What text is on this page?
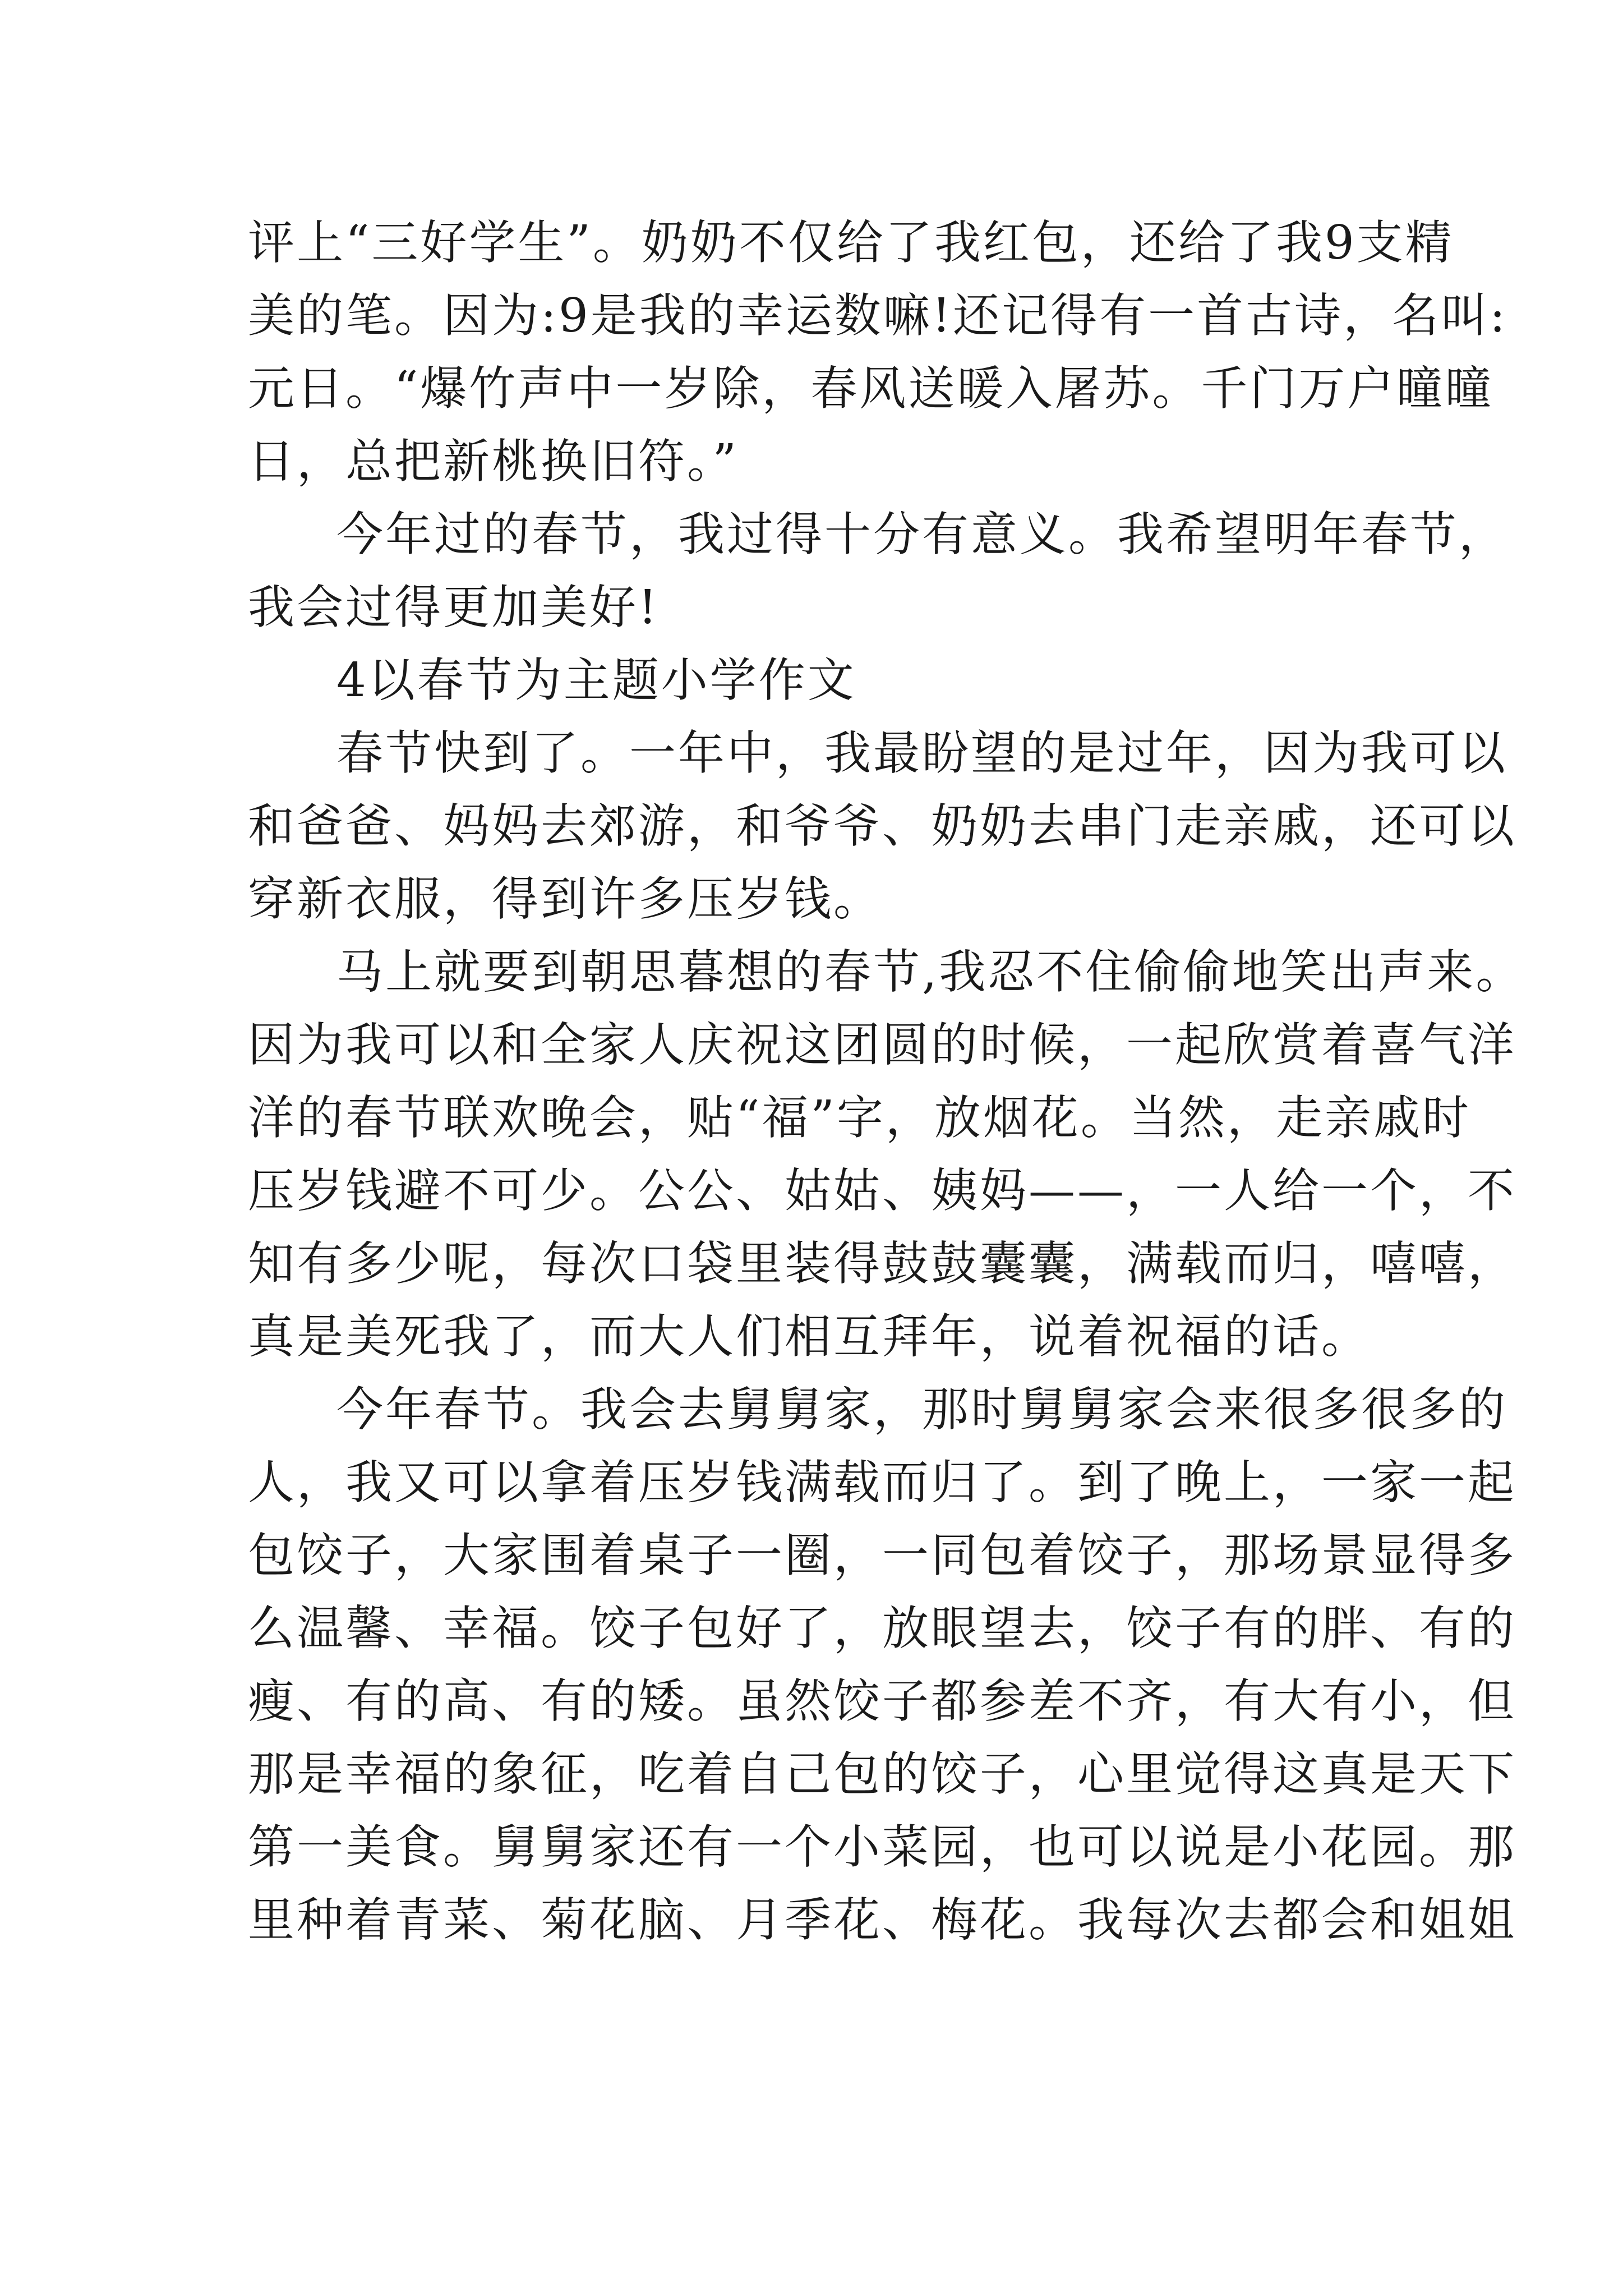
评上“三好学生”。奶奶不仅给了我红包，还给了我9支精
美的笔。因为:9是我的幸运数嘛!还记得有一首古诗，名叫:
元日。“爆竹声中一岁除，春风送暖入屠苏。千门万户曈曈
日，总把新桃换旧符。”
今年过的春节，我过得十分有意义。我希望明年春节，
我会过得更加美好!
4以春节为主题小学作文
春节快到了。一年中，我最盼望的是过年，因为我可以
和爸爸、妈妈去郊游，和爷爷、奶奶去串门走亲戚，还可以
穿新衣服，得到许多压岁钱。
马上就要到朝思暮想的春节,我忍不住偷偷地笑出声来。
因为我可以和全家人庆祝这团圆的时候，一起欣赏着喜气洋
洋的春节联欢晚会，贴“福”字，放烟花。当然，走亲戚时
压岁钱避不可少。公公、姑姑、姨妈——，一人给一个，不
知有多少呢，每次口袋里装得鼓鼓囊囊，满载而归，嘻嘻，
真是美死我了，而大人们相互拜年，说着祝福的话。
今年春节。我会去舅舅家，那时舅舅家会来很多很多的
人，我又可以拿着压岁钱满载而归了。到了晚上，一家一起
包饺子，大家围着桌子一圈，一同包着饺子，那场景显得多
么温馨、幸福。饺子包好了，放眼望去，饺子有的胖、有的
瘦、有的高、有的矮。虽然饺子都参差不齐，有大有小，但
那是幸福的象征，吃着自己包的饺子，心里觉得这真是天下
第一美食。舅舅家还有一个小菜园，也可以说是小花园。那
里种着青菜、菊花脑、月季花、梅花。我每次去都会和姐姐
